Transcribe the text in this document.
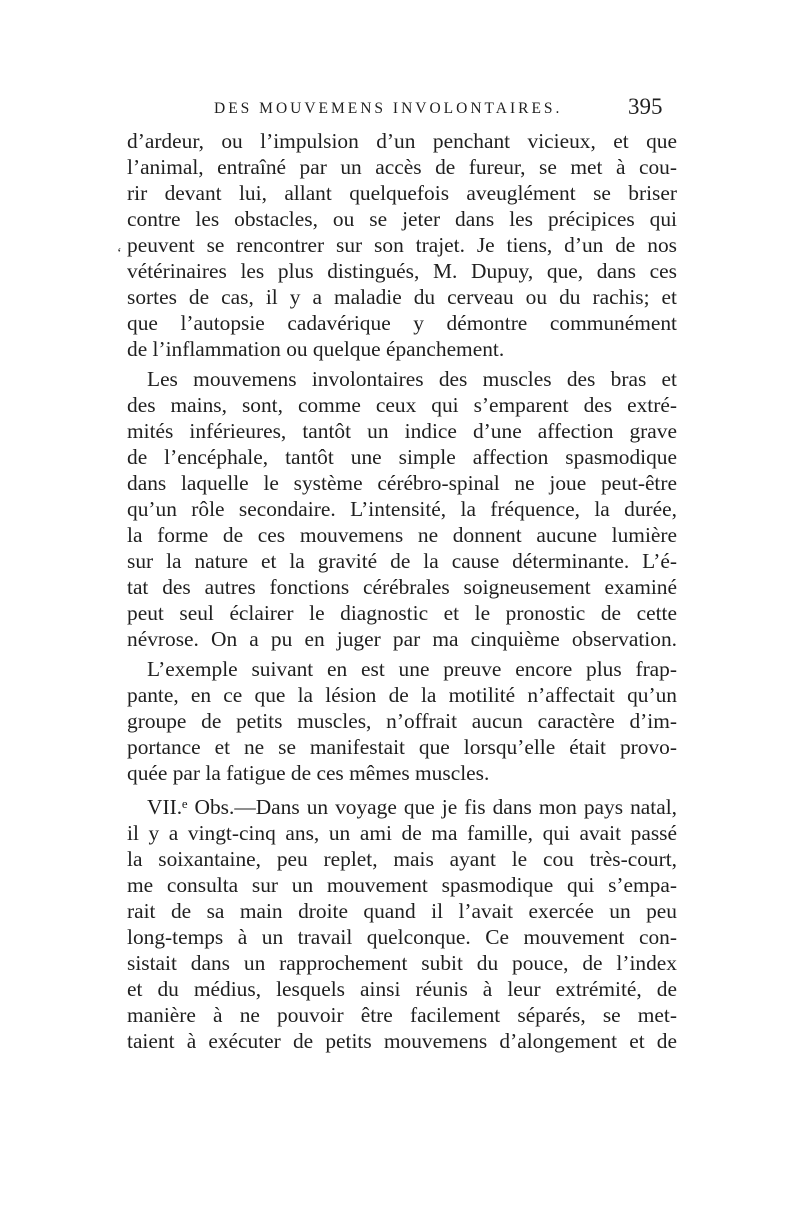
DES MOUVEMENS INVOLONTAIRES.	395
‘
d’ardeur, ou l’impulsion d’un penchant vicieux, et que
l’animal, entraîné par un accès de fureur, se met à cou-
rir devant lui, allant quelquefois aveuglément se briser
contre les obstacles, ou se jeter dans les précipices qui
peuvent se rencontrer sur son trajet. Je tiens, d’un de nos
vétérinaires les plus distingués, M. Dupuy, que, dans ces
sortes de cas, il y a maladie du cerveau ou du rachis; et
que l’autopsie cadavérique y démontre communément
de l’inflammation ou quelque épanchement.
Les mouvemens involontaires des muscles des bras et
des mains, sont, comme ceux qui s’emparent des extré-
mités inférieures, tantôt un indice d’une affection grave
de l’encéphale, tantôt une simple affection spasmodique
dans laquelle le système cérébro-spinal ne joue peut-être
qu’un rôle secondaire. L’intensité, la fréquence, la durée,
la forme de ces mouvemens ne donnent aucune lumière
sur la nature et la gravité de la cause déterminante. L’é-
tat des autres fonctions cérébrales soigneusement examiné
peut seul éclairer le diagnostic et le pronostic de cette
névrose. On a pu en juger par ma cinquième observation.
L’exemple suivant en est une preuve encore plus frap-
pante, en ce que la lésion de la motilité n’affectait qu’un
groupe de petits muscles, n’offrait aucun caractère d’im-
portance et ne se manifestait que lorsqu’elle était provo-
quée par la fatigue de ces mêmes muscles.
VII.ᵉ Obs.—Dans un voyage que je fis dans mon pays natal,
il y a vingt-cinq ans, un ami de ma famille, qui avait passé
la soixantaine, peu replet, mais ayant le cou très-court,
me consulta sur un mouvement spasmodique qui s’empa-
rait de sa main droite quand il l’avait exercée un peu
long-temps à un travail quelconque. Ce mouvement con-
sistait dans un rapprochement subit du pouce, de l’index
et du médius, lesquels ainsi réunis à leur extrémité, de
manière à ne pouvoir être facilement séparés, se met-
taient à exécuter de petits mouvemens d’alongement et de
